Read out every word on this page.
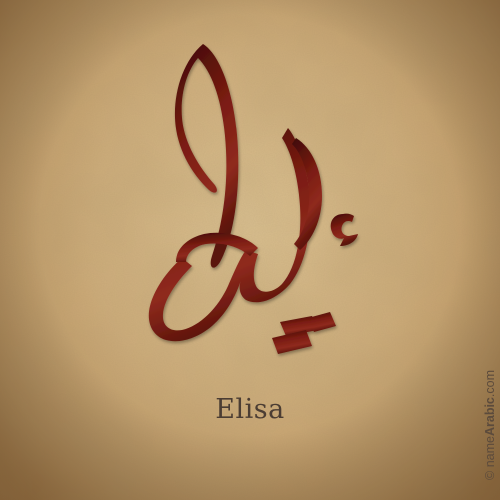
Elisa
© nameArabic.com
